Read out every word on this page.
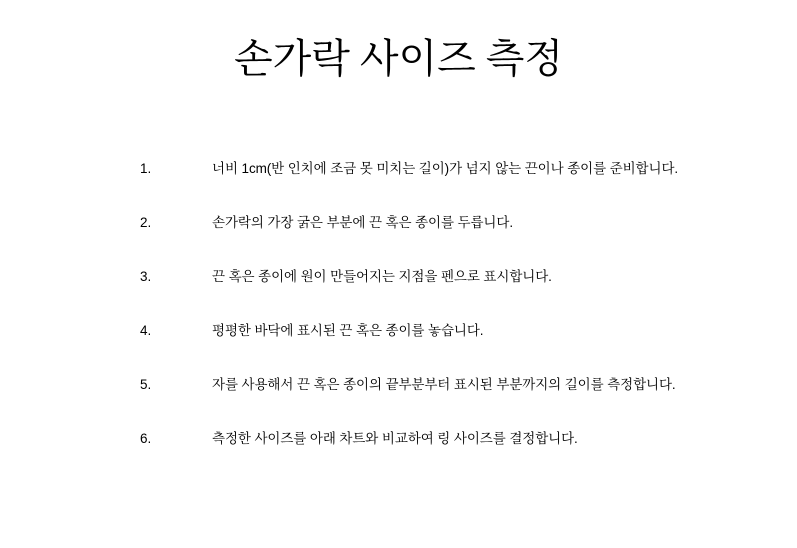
손가락 사이즈 측정
1.	너비 1cm(반 인치에 조금 못 미치는 길이)가 넘지 않는 끈이나 종이를 준비합니다.
2.	손가락의 가장 굵은 부분에 끈 혹은 종이를 두릅니다.
3.	끈 혹은 종이에 원이 만들어지는 지점을 펜으로 표시합니다.
4.	평평한 바닥에 표시된 끈 혹은 종이를 놓습니다.
5.	자를 사용해서 끈 혹은 종이의 끝부분부터 표시된 부분까지의 길이를 측정합니다.
6.	측정한 사이즈를 아래 차트와 비교하여 링 사이즈를 결정합니다.
